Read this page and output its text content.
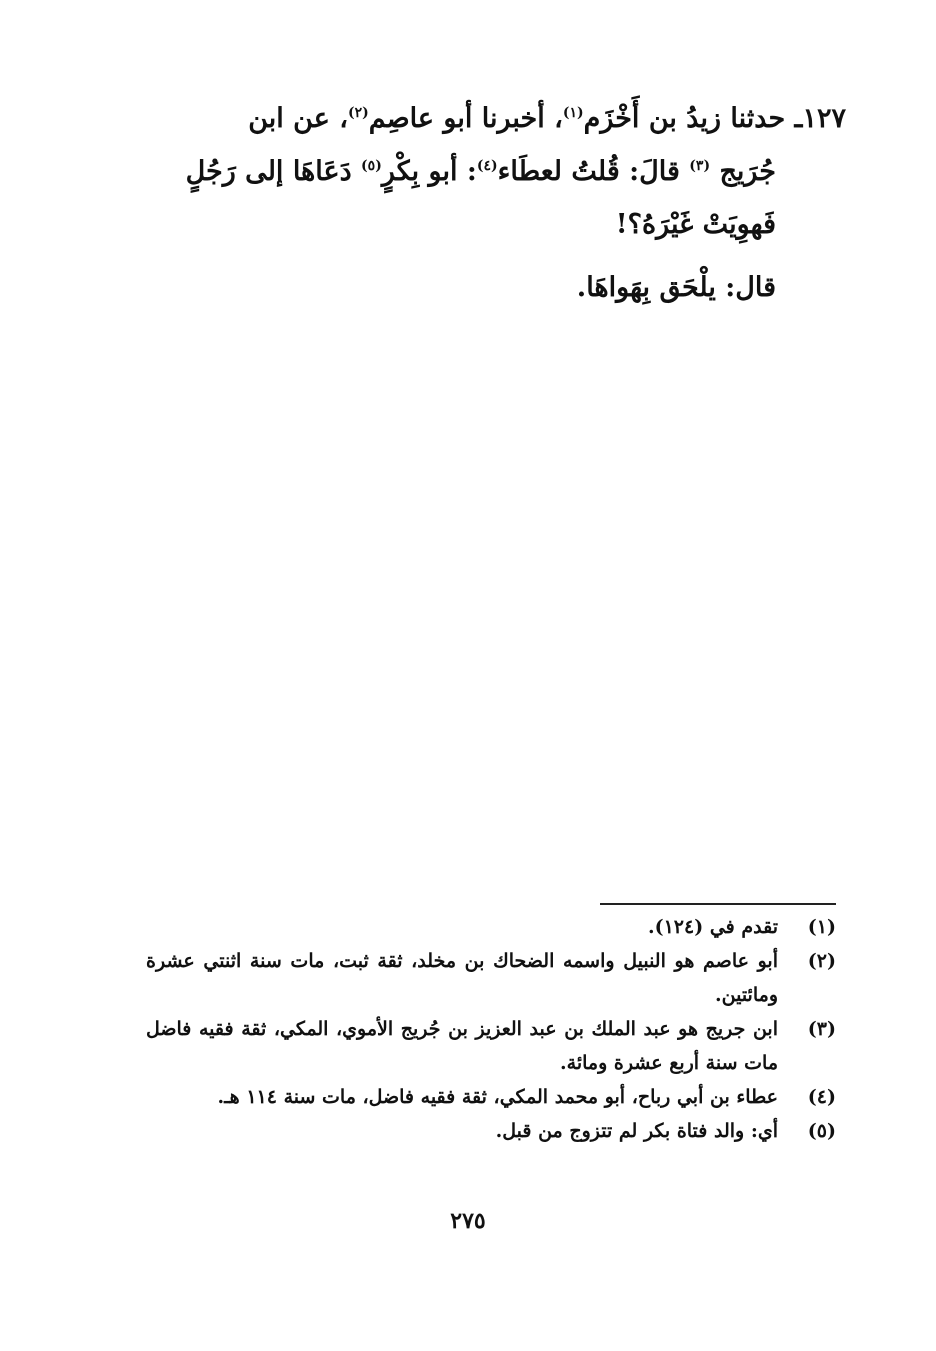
١٢٧ـ حدثنا زيدُ بن أَخْزَم$^{(١)}$، أخبرنا أبو عاصِم$^{(٢)}$، عن ابن
جُرَيج $^{(٣)}$ قالَ: قُلتُ لعطَاء$^{(٤)}$: أبو بِكْرٍ$^{(٥)}$ دَعَاهَا إلى رَجُلٍ
فَهوِيَتْ غَيْرَهُ؟!
قال: يلْحَق بِهَواهَا.

(١)
تقدم في (١٢٤).

(٢)
أبو عاصم هو النبيل واسمه الضحاك بن مخلد، ثقة ثبت، مات سنة اثنتي عشرة ومائتين.

(٣)
ابن جريج هو عبد الملك بن عبد العزيز بن جُريج الأموي، المكي، ثقة فقيه فاضل مات سنة أربع عشرة ومائة.

(٤)
عطاء بن أبي رباح، أبو محمد المكي، ثقة فقيه فاضل، مات سنة ١١٤ هـ.

(٥)
أي: والد فتاة بكر لم تتزوج من قبل.

٢٧٥
